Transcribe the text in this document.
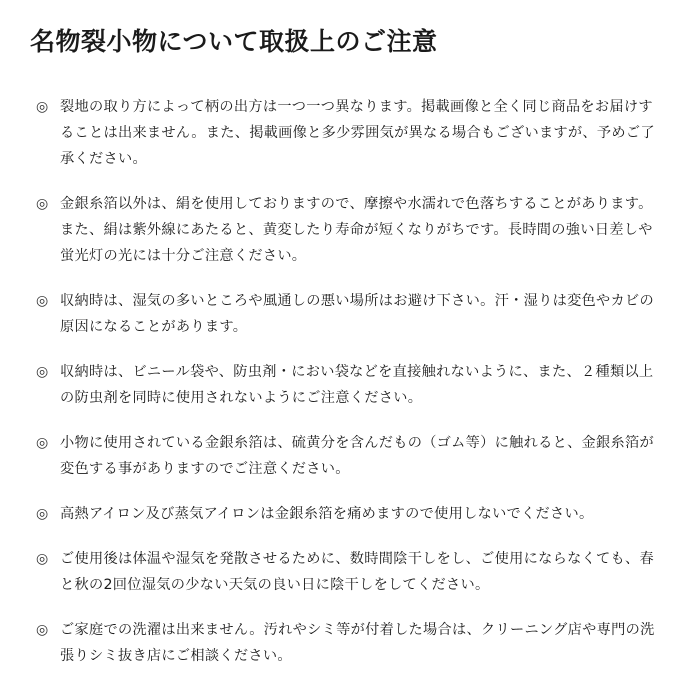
名物裂小物について取扱上のご注意
◎ 裂地の取り方によって柄の出方は一つ一つ異なります。掲載画像と全く同じ商品をお届けすることは出来ません。また、掲載画像と多少雰囲気が異なる場合もございますが、予めご了承ください。

◎ 金銀糸箔以外は、絹を使用しておりますので、摩擦や水濡れで色落ちすることがあります。また、絹は紫外線にあたると、黄変したり寿命が短くなりがちです。長時間の強い日差しや蛍光灯の光には十分ご注意ください。

◎ 収納時は、湿気の多いところや風通しの悪い場所はお避け下さい。汗・湿りは変色やカビの原因になることがあります。

◎ 収納時は、ビニール袋や、防虫剤・におい袋などを直接触れないように、また、２種類以上の防虫剤を同時に使用されないようにご注意ください。

◎ 小物に使用されている金銀糸箔は、硫黄分を含んだもの（ゴム等）に触れると、金銀糸箔が変色する事がありますのでご注意ください。

◎ 高熱アイロン及び蒸気アイロンは金銀糸箔を痛めますので使用しないでください。

◎ ご使用後は体温や湿気を発散させるために、数時間陰干しをし、ご使用にならなくても、春と秋の2回位湿気の少ない天気の良い日に陰干しをしてください。

◎ ご家庭での洗濯は出来ません。汚れやシミ等が付着した場合は、クリーニング店や専門の洗張りシミ抜き店にご相談ください。
